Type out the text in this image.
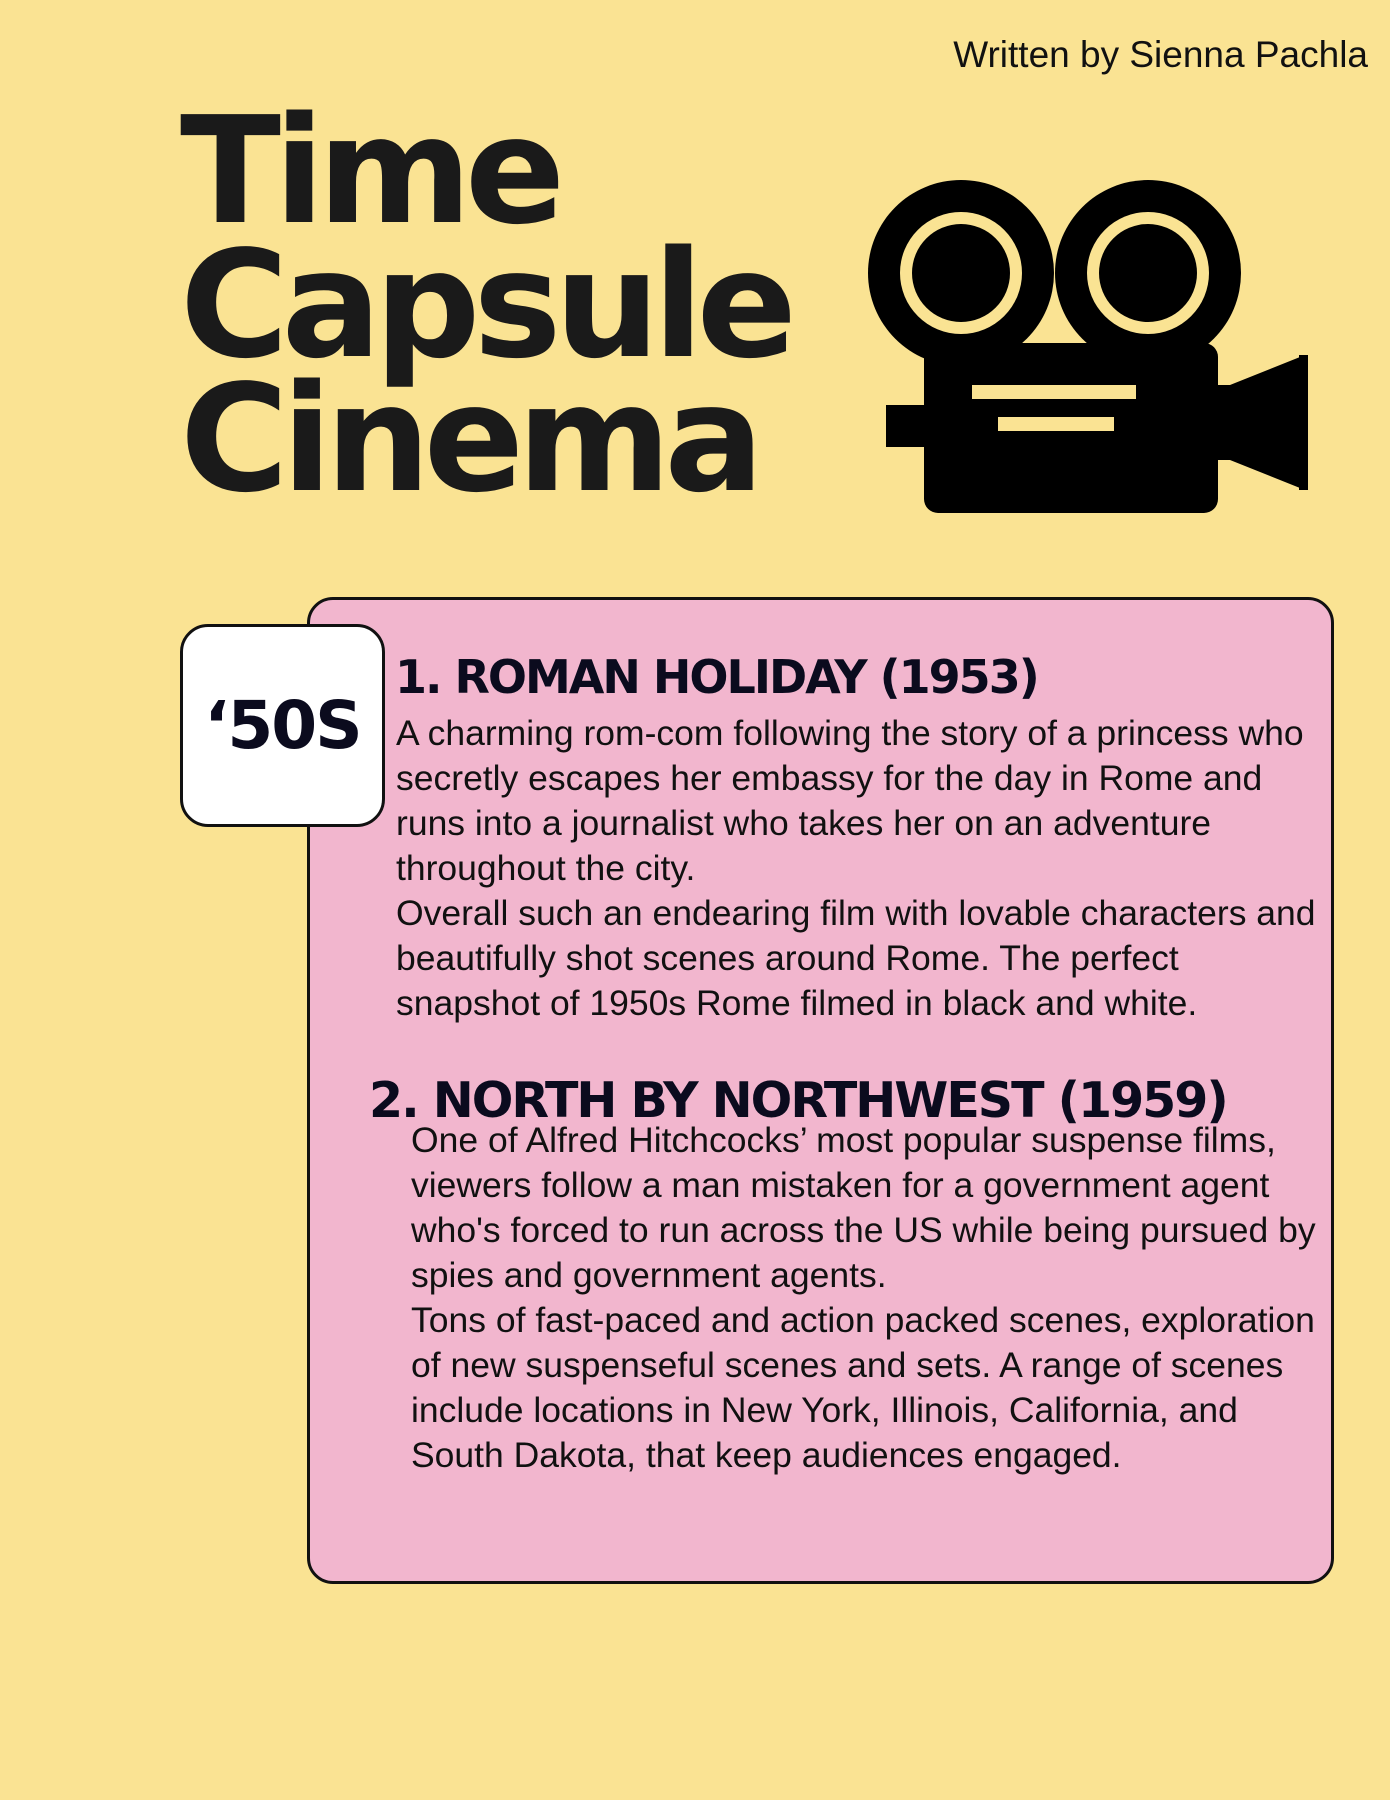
Written by Sienna Pachla
Time
Capsule
Cinema
‘50S
1. ROMAN HOLIDAY (1953)
A charming rom-com following the story of a princess who secretly escapes her embassy for the day in Rome and runs into a journalist who takes her on an adventure throughout the city.
Overall such an endearing film with lovable characters and beautifully shot scenes around Rome. The perfect snapshot of 1950s Rome filmed in black and white.
2. NORTH BY NORTHWEST (1959)
One of Alfred Hitchcocks’ most popular suspense films, viewers follow a man mistaken for a government agent who's forced to run across the US while being pursued by spies and government agents.
Tons of fast-paced and action packed scenes, exploration of new suspenseful scenes and sets. A range of scenes include locations in New York, Illinois, California, and South Dakota, that keep audiences engaged.
